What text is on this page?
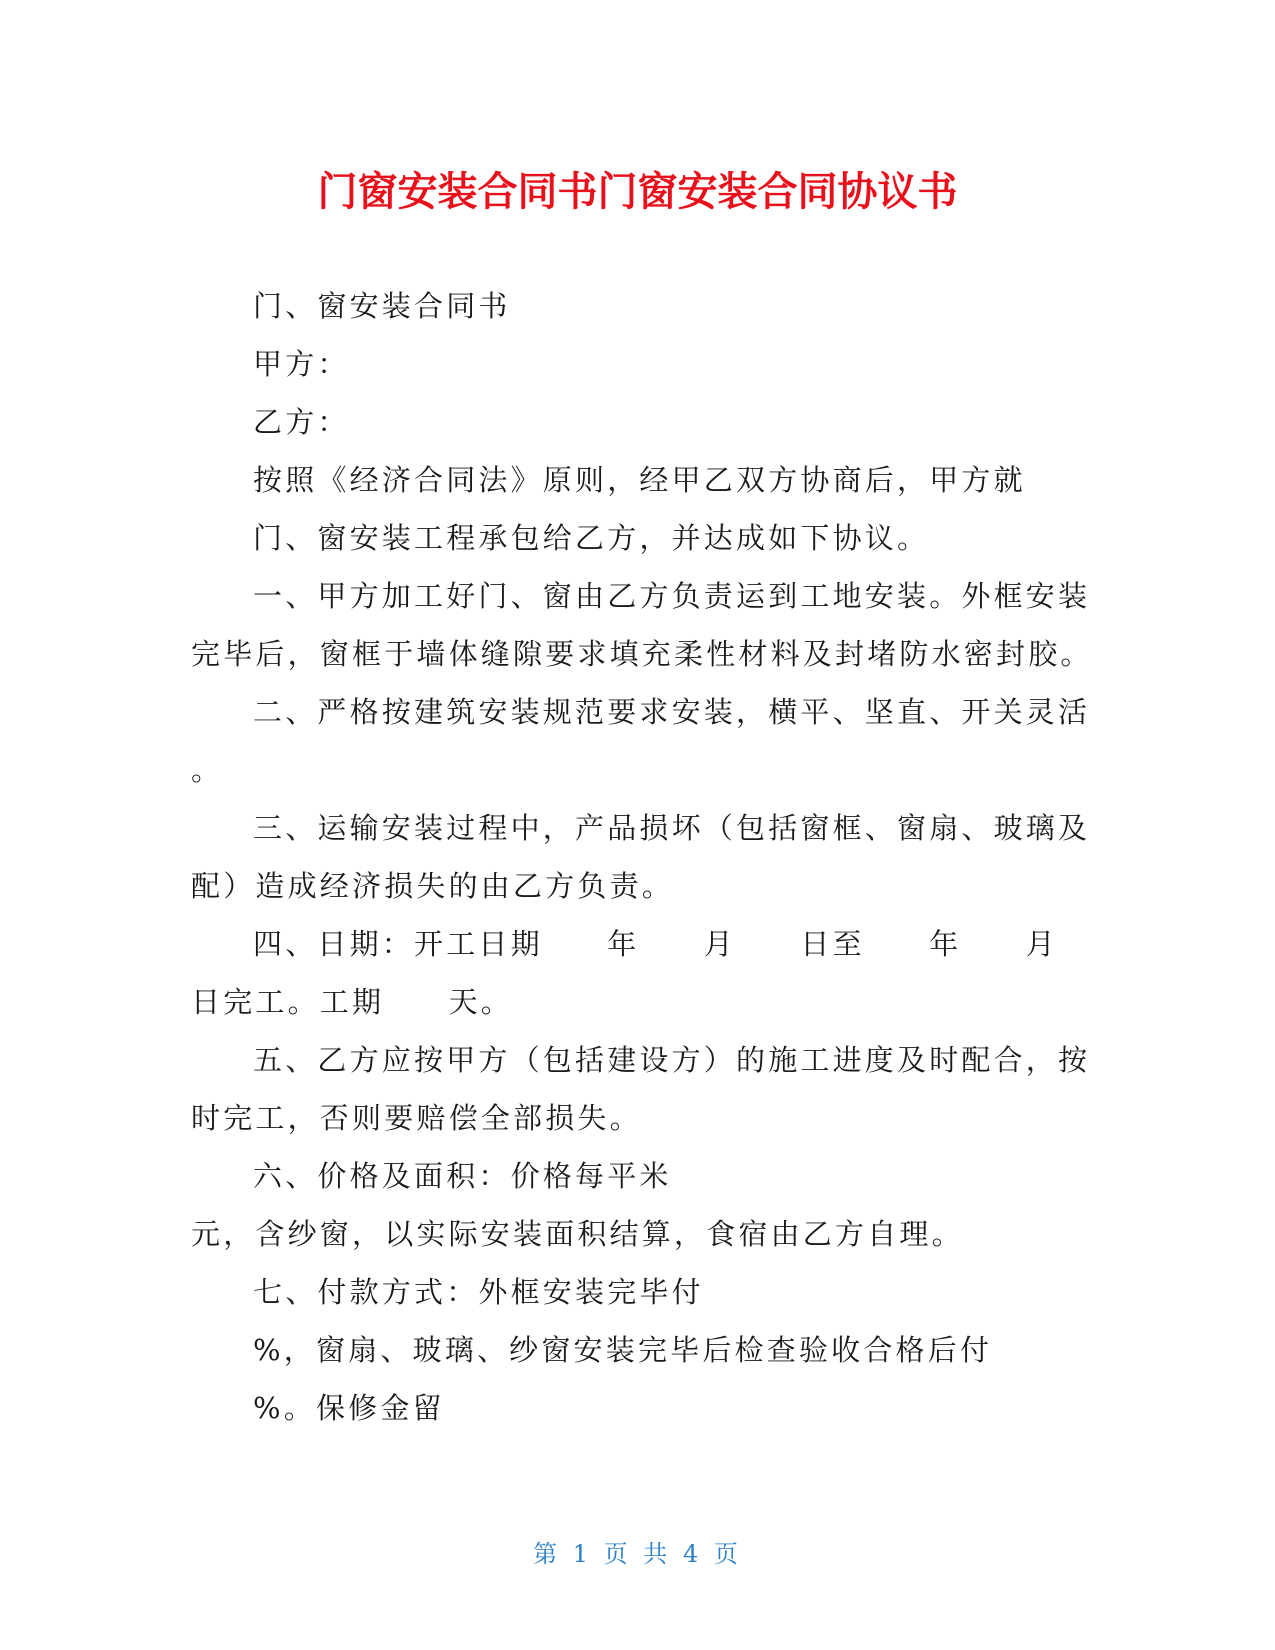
门窗安装合同书门窗安装合同协议书
门、窗安装合同书
甲方：
乙方：
按照《经济合同法》原则，经甲乙双方协商后，甲方就
门、窗安装工程承包给乙方，并达成如下协议。
一、甲方加工好门、窗由乙方负责运到工地安装。外框安装
完毕后，窗框于墙体缝隙要求填充柔性材料及封堵防水密封胶。
二、严格按建筑安装规范要求安装，横平、坚直、开关灵活
。
三、运输安装过程中，产品损坏（包括窗框、窗扇、玻璃及
配）造成经济损失的由乙方负责。
四、日期：开工日期　　年　　月　　日至　　年　　月
日完工。工期　　天。
五、乙方应按甲方（包括建设方）的施工进度及时配合，按
时完工，否则要赔偿全部损失。
六、价格及面积：价格每平米
元，含纱窗，以实际安装面积结算，食宿由乙方自理。
七、付款方式：外框安装完毕付
%，窗扇、玻璃、纱窗安装完毕后检查验收合格后付
%。保修金留
第 1 页 共 4 页
